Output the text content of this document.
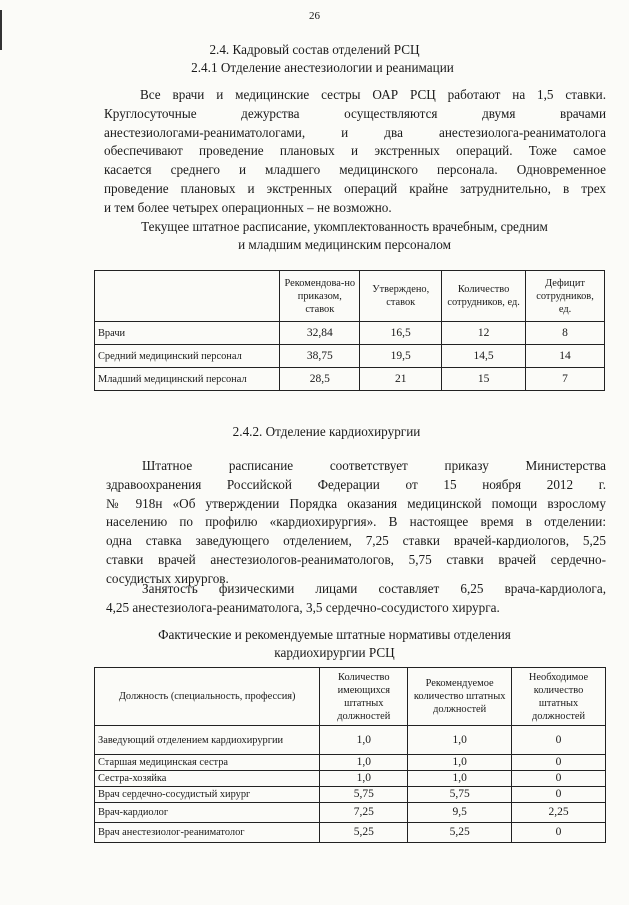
26
2.4. Кадровый состав отделений РСЦ
2.4.1 Отделение анестезиологии и реанимации
Все врачи и медицинские сестры ОАР РСЦ работают на 1,5 ставки.
Круглосуточные дежурства осуществляются двумя врачами
анестезиологами-реаниматологами, и два анестезиолога-реаниматолога
обеспечивают проведение плановых и экстренных операций. Тоже самое
касается среднего и младшего медицинского персонала. Одновременное
проведение плановых и экстренных операций крайне затруднительно, в трех
и тем более четырех операционных – не возможно.
Текущее штатное расписание, укомплектованность врачебным, средним
и младшим медицинским персоналом
	Рекомендова-но приказом, ставок	Утверждено, ставок	Количество сотрудников, ед.	Дефицит сотрудников, ед.
Врачи	32,84	16,5	12	8
Средний медицинский персонал	38,75	19,5	14,5	14
Младший медицинский персонал	28,5	21	15	7
2.4.2. Отделение кардиохирургии
Штатное расписание соответствует приказу Министерства
здравоохранения Российской Федерации от 15 ноября 2012 г.
№ 918н «Об утверждении Порядка оказания медицинской помощи взрослому
населению по профилю «кардиохирургия». В настоящее время в отделении:
одна ставка заведующего отделением, 7,25 ставки врачей-кардиологов, 5,25
ставки врачей анестезиологов-реаниматологов, 5,75 ставки врачей сердечно-
сосудистых хирургов.
Занятость физическими лицами составляет 6,25 врача-кардиолога,
4,25 анестезиолога-реаниматолога, 3,5 сердечно-сосудистого хирурга.
Фактические и рекомендуемые штатные нормативы отделения
кардиохирургии РСЦ
Должность (специальность, профессия)	Количество имеющихся штатных должностей	Рекомендуемое количество штатных должностей	Необходимое количество штатных должностей
Заведующий отделением кардиохирургии	1,0	1,0	0
Старшая медицинская сестра	1,0	1,0	0
Сестра-хозяйка	1,0	1,0	0
Врач сердечно-сосудистый хирург	5,75	5,75	0
Врач-кардиолог	7,25	9,5	2,25
Врач анестезиолог-реаниматолог	5,25	5,25	0
